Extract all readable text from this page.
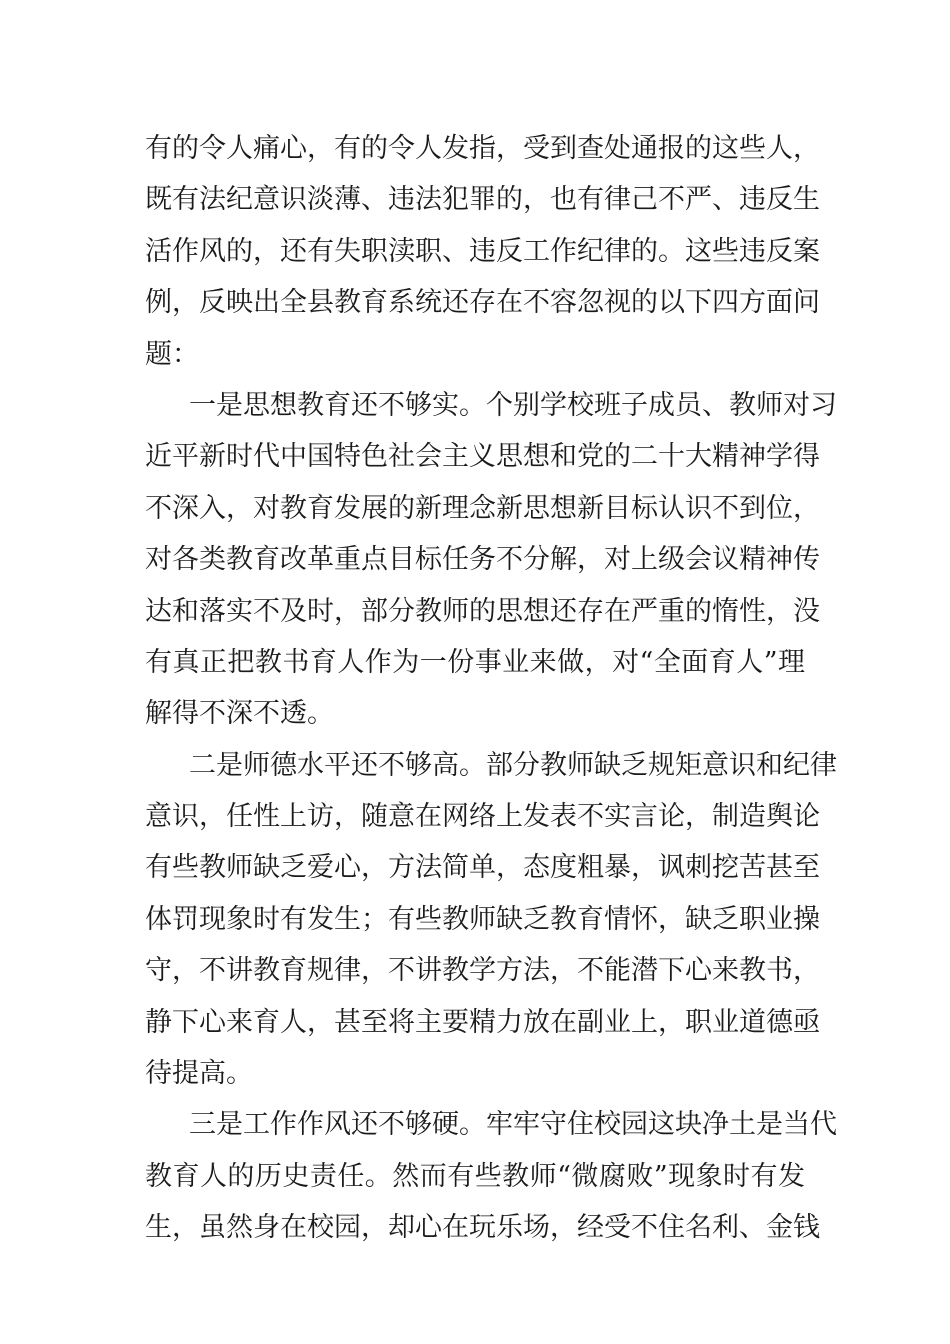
有的令人痛心，有的令人发指，受到查处通报的这些人，
既有法纪意识淡薄、违法犯罪的，也有律己不严、违反生
活作风的，还有失职渎职、违反工作纪律的。这些违反案
例，反映出全县教育系统还存在不容忽视的以下四方面问
题：
一是思想教育还不够实。个别学校班子成员、教师对习
近平新时代中国特色社会主义思想和党的二十大精神学得
不深入，对教育发展的新理念新思想新目标认识不到位，
对各类教育改革重点目标任务不分解，对上级会议精神传
达和落实不及时，部分教师的思想还存在严重的惰性，没
有真正把教书育人作为一份事业来做，对“全面育人”理
解得不深不透。
二是师德水平还不够高。部分教师缺乏规矩意识和纪律
意识，任性上访，随意在网络上发表不实言论，制造舆论
有些教师缺乏爱心，方法简单，态度粗暴，讽刺挖苦甚至
体罚现象时有发生；有些教师缺乏教育情怀，缺乏职业操
守，不讲教育规律，不讲教学方法，不能潜下心来教书，
静下心来育人，甚至将主要精力放在副业上，职业道德亟
待提高。
三是工作作风还不够硬。牢牢守住校园这块净土是当代
教育人的历史责任。然而有些教师“微腐败”现象时有发
生，虽然身在校园，却心在玩乐场，经受不住名利、金钱
